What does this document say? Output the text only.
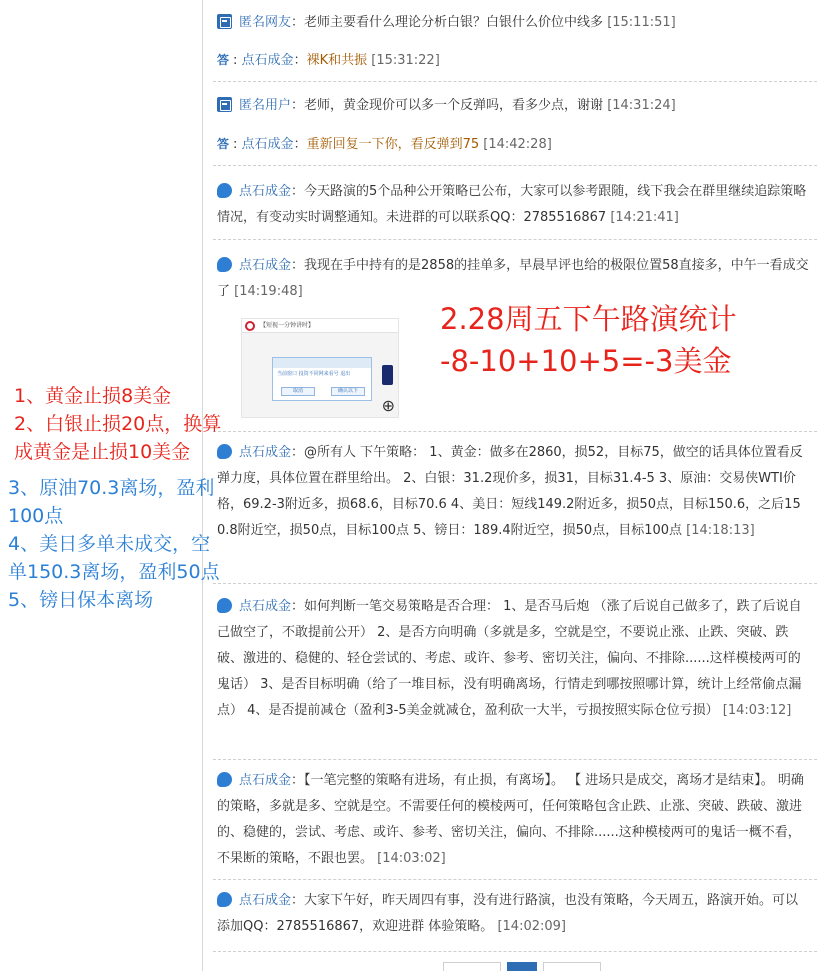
匿名网友：老师主要看什么理论分析白银？白银什么价位中线多 [15:11:51]
答 : 点石成金：裸K和共振 [15:31:22]
匿名用户：老师，黄金现价可以多一个反弹吗，看多少点，谢谢 [14:31:24]
答 : 点石成金：重新回复一下你，看反弹到75 [14:42:28]
点石成金：今天路演的5个品种公开策略已公布，大家可以参考跟随，线下我会在群里继续追踪策略情况，有变动实时调整通知。未进群的可以联系QQ：2785516867 [14:21:41]
点石成金：我现在手中持有的是2858的挂单多，早晨早评也给的极限位置58直接多，中午一看成交了 [14:19:48]
【短视一分钟讲时】
当前窗口 投资不同网来看号 退出
取消	确认以下
⊕
点石成金：@所有人 下午策略： 1、黄金：做多在2860，损52，目标75，做空的话具体位置看反弹力度，具体位置在群里给出。 2、白银：31.2现价多，损31，目标31.4-5 3、原油：交易侠WTI价格，69.2-3附近多，损68.6，目标70.6 4、美日：短线149.2附近多，损50点，目标150.6，之后150.8附近空，损50点，目标100点 5、镑日：189.4附近空，损50点，目标100点 [14:18:13]
点石成金：如何判断一笔交易策略是否合理： 1、是否马后炮 （涨了后说自己做多了，跌了后说自己做空了，不敢提前公开） 2、是否方向明确（多就是多，空就是空，不要说止涨、止跌、突破、跌破、激进的、稳健的、轻仓尝试的、考虑、或许、参考、密切关注，偏向、不排除......这样模棱两可的鬼话） 3、是否目标明确（给了一堆目标，没有明确离场，行情走到哪按照哪计算，统计上经常偷点漏点） 4、是否提前减仓（盈利3-5美金就减仓，盈利砍一大半，亏损按照实际仓位亏损） [14:03:12]
点石成金：【一笔完整的策略有进场，有止损，有离场】。 【 进场只是成交，离场才是结束】。 明确的策略，多就是多、空就是空。不需要任何的模棱两可，任何策略包含止跌、止涨、突破、跌破、激进的、稳健的，尝试、考虑、或许、参考、密切关注，偏向、不排除......这种模棱两可的鬼话一概不看，不果断的策略，不跟也罢。 [14:03:02]
点石成金：大家下午好，昨天周四有事，没有进行路演，也没有策略，今天周五，路演开始。可以添加QQ：2785516867，欢迎进群 体验策略。 [14:02:09]
2.28周五下午路演统计
-8-10+10+5=-3美金
1、黄金止损8美金
2、白银止损20点，换算
成黄金是止损10美金
3、原油70.3离场，盈利
100点
4、美日多单未成交，空
单150.3离场，盈利50点
5、镑日保本离场
